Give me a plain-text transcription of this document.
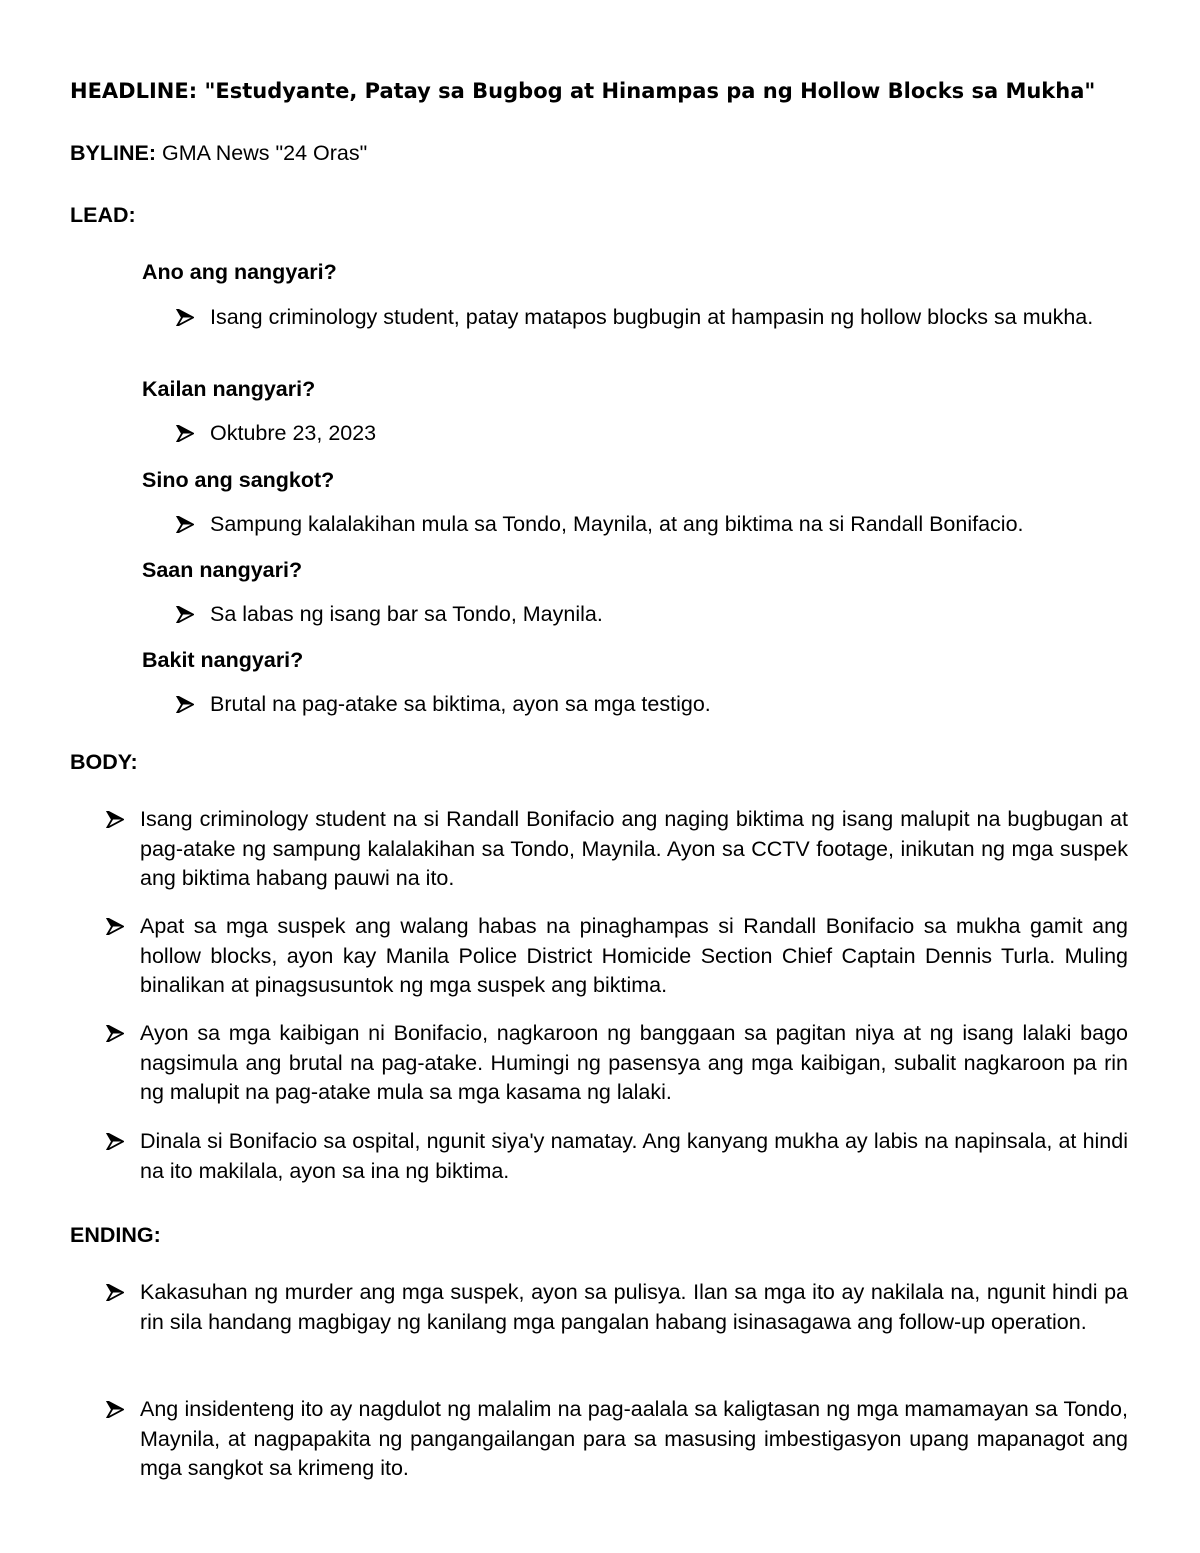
HEADLINE: "Estudyante, Patay sa Bugbog at Hinampas pa ng Hollow Blocks sa Mukha"
BYLINE: GMA News "24 Oras"
LEAD:
Ano ang nangyari?
Isang criminology student, patay matapos bugbugin at hampasin ng hollow blocks sa mukha.
Kailan nangyari?
Oktubre 23, 2023
Sino ang sangkot?
Sampung kalalakihan mula sa Tondo, Maynila, at ang biktima na si Randall Bonifacio.
Saan nangyari?
Sa labas ng isang bar sa Tondo, Maynila.
Bakit nangyari?
Brutal na pag-atake sa biktima, ayon sa mga testigo.
BODY:
Isang criminology student na si Randall Bonifacio ang naging biktima ng isang malupit na bugbugan at pag-atake ng sampung kalalakihan sa Tondo, Maynila. Ayon sa CCTV footage, inikutan ng mga suspek ang biktima habang pauwi na ito.
Apat sa mga suspek ang walang habas na pinaghampas si Randall Bonifacio sa mukha gamit ang hollow blocks, ayon kay Manila Police District Homicide Section Chief Captain Dennis Turla. Muling binalikan at pinagsusuntok ng mga suspek ang biktima.
Ayon sa mga kaibigan ni Bonifacio, nagkaroon ng banggaan sa pagitan niya at ng isang lalaki bago nagsimula ang brutal na pag-atake. Humingi ng pasensya ang mga kaibigan, subalit nagkaroon pa rin ng malupit na pag-atake mula sa mga kasama ng lalaki.
Dinala si Bonifacio sa ospital, ngunit siya'y namatay. Ang kanyang mukha ay labis na napinsala, at hindi na ito makilala, ayon sa ina ng biktima.
ENDING:
Kakasuhan ng murder ang mga suspek, ayon sa pulisya. Ilan sa mga ito ay nakilala na, ngunit hindi pa rin sila handang magbigay ng kanilang mga pangalan habang isinasagawa ang follow-up operation.
Ang insidenteng ito ay nagdulot ng malalim na pag-aalala sa kaligtasan ng mga mamamayan sa Tondo, Maynila, at nagpapakita ng pangangailangan para sa masusing imbestigasyon upang mapanagot ang mga sangkot sa krimeng ito.
